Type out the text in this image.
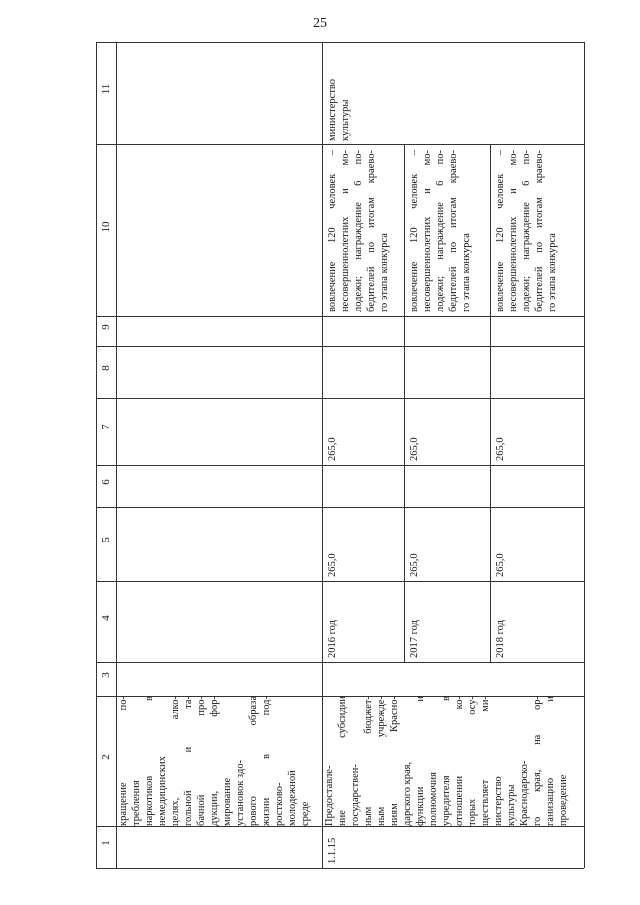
25
11
10
9
8
7
6
5
4
3
2
1
кращение по- требления наркотиков в немедицинских целях, алко- гольной и та- бачной про- дукции, фор- мирование установок здо- рового образа жизни в под- ростково- молодежной среде
1.1.15
Предоставле- ние субсидии государствен- ным бюджет- ным учрежде- ниям Красно- дарского края, функции и полномочия учредителя в отношении ко- торых осу- ществляет ми- нистерство культуры Краснодарско- го края, на ор- ганизацию и проведение
министерство культуры
2016 год
265,0
265,0
вовлечение 120 человек – несовершеннолетних и мо- лодежи; награждение 6 по- бедителей по итогам краево- го этапа конкурса
2017 год
265,0
265,0
вовлечение 120 человек – несовершеннолетних и мо- лодежи; награждение 6 по- бедителей по итогам краево- го этапа конкурса
2018 год
265,0
265,0
вовлечение 120 человек – несовершеннолетних и мо- лодежи; награждение 6 по- бедителей по итогам краево- го этапа конкурса
